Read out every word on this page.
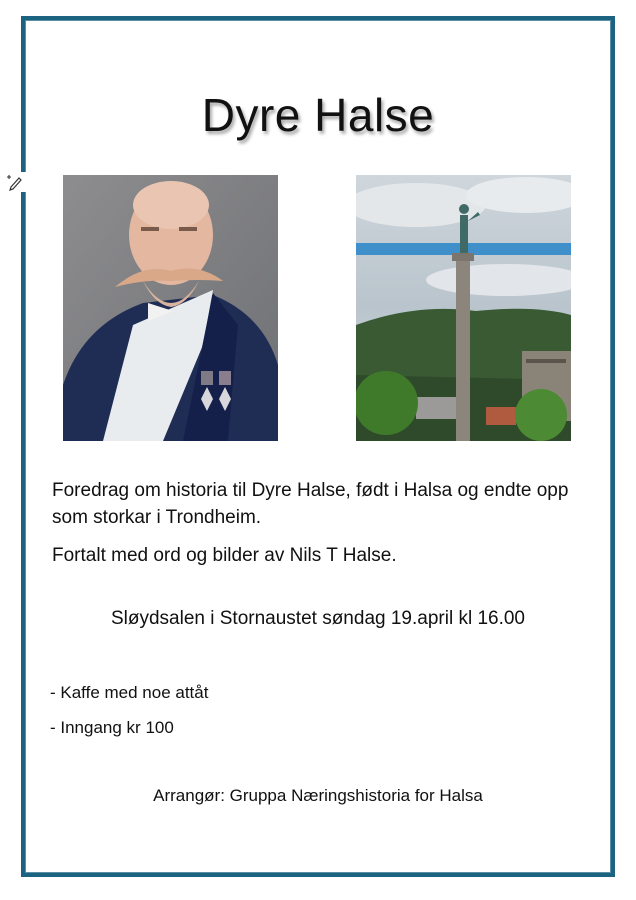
Dyre Halse
Foredrag om historia til Dyre Halse, født i Halsa og endte opp som storkar i Trondheim.
Fortalt med ord og bilder av Nils T Halse.
Sløydsalen i Stornaustet søndag 19.april kl 16.00
- Kaffe med noe attåt
- Inngang kr 100
Arrangør: Gruppa Næringshistoria for Halsa
